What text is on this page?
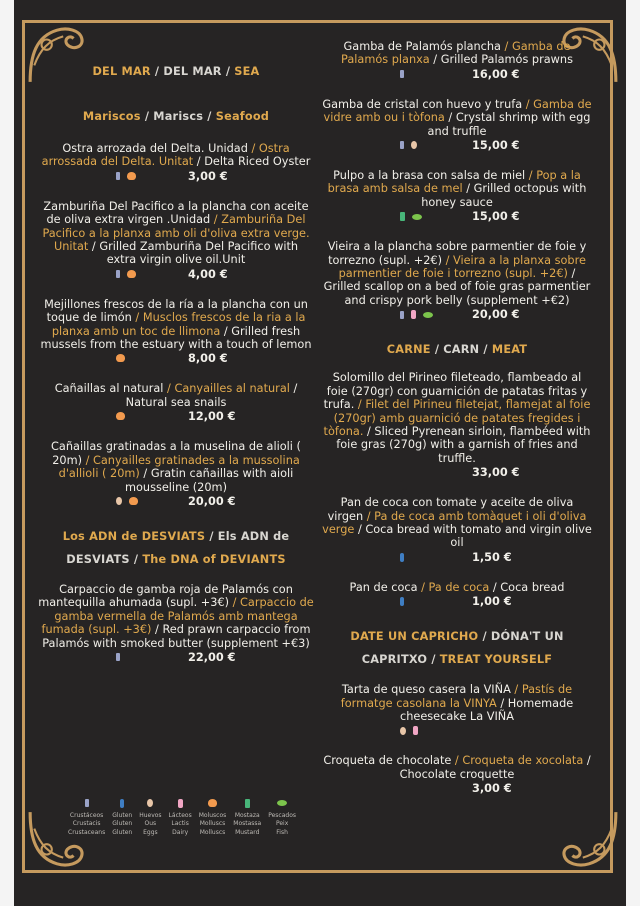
DEL MAR / DEL MAR / SEA
Mariscos / Mariscs / Seafood
Ostra arrozada del Delta. Unidad / Ostra arrossada del Delta. Unitat / Delta Riced Oyster
3,00 €
Zamburiña Del Pacifico a la plancha con aceite de oliva extra virgen .Unidad / Zamburiña Del Pacifico a la planxa amb oli d'oliva extra verge. Unitat / Grilled Zamburiña Del Pacifico with extra virgin olive oil.Unit
4,00 €
Mejillones frescos de la ría a la plancha con un toque de limón / Musclos frescos de la ria a la planxa amb un toc de llimona / Grilled fresh mussels from the estuary with a touch of lemon
8,00 €
Cañaillas al natural / Canyailles al natural / Natural sea snails
12,00 €
Cañaillas gratinadas a la muselina de alioli ( 20m) / Canyailles gratinades a la mussolina d'allioli ( 20m) / Gratin cañaillas with aioli mousseline (20m)
20,00 €
Los ADN de DESVIATS / Els ADN de DESVIATS / The DNA of DEVIANTS
Carpaccio de gamba roja de Palamós con mantequilla ahumada (supl. +3€) / Carpaccio de gamba vermella de Palamós amb mantega fumada (supl. +3€) / Red prawn carpaccio from Palamós with smoked butter (supplement +€3)
22,00 €
Gamba de Palamós plancha / Gamba de Palamós planxa / Grilled Palamós prawns
16,00 €
Gamba de cristal con huevo y trufa / Gamba de vidre amb ou i tòfona / Crystal shrimp with egg and truffle
15,00 €
Pulpo a la brasa con salsa de miel / Pop a la brasa amb salsa de mel / Grilled octopus with honey sauce
15,00 €
Vieira a la plancha sobre parmentier de foie y torrezno (supl. +2€) / Vieira a la planxa sobre parmentier de foie i torrezno (supl. +2€) / Grilled scallop on a bed of foie gras parmentier and crispy pork belly (supplement +€2)
20,00 €
CARNE / CARN / MEAT
Solomillo del Pirineo fileteado, flambeado al foie (270gr) con guarnición de patatas fritas y trufa. / Filet del Pirineu filetejat, flamejat al foie (270gr) amb guarnició de patates fregides i tòfona. / Sliced Pyrenean sirloin, flambéed with foie gras (270g) with a garnish of fries and truffle.
33,00 €
Pan de coca con tomate y aceite de oliva virgen / Pa de coca amb tomàquet i oli d'oliva verge / Coca bread with tomato and virgin olive oil
1,50 €
Pan de coca / Pa de coca / Coca bread
1,00 €
DATE UN CAPRICHO / DÓNA'T UN CAPRITXO / TREAT YOURSELF
Tarta de queso casera la VIÑA / Pastís de formatge casolana la VINYA / Homemade cheesecake La VIÑA
Croqueta de chocolate / Croqueta de xocolata / Chocolate croquette
3,00 €
Crustáceos
Crustacis
Crustaceans
Gluten
Gluten
Gluten
Huevos
Ous
Eggs
Lácteos
Lactis
Dairy
Moluscos
Molluscs
Molluscs
Mostaza
Mostassa
Mustard
Pescados
Peix
Fish
